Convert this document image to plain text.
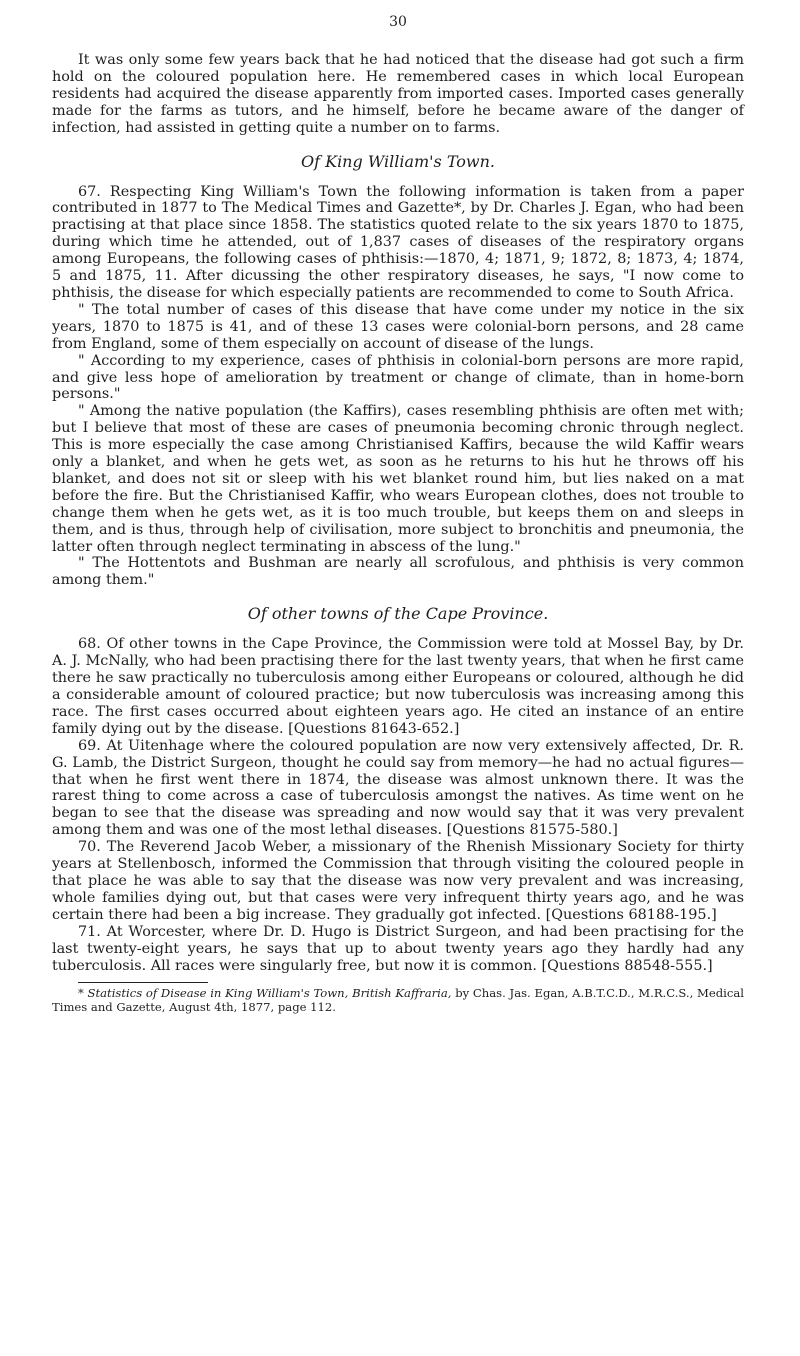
30

It was only some few years back that he had noticed that the disease had got such a firm hold on the coloured population here. He remembered cases in which local European residents had acquired the disease apparently from imported cases. Imported cases generally made for the farms as tutors, and he himself, before he became aware of the danger of infection, had assisted in getting quite a number on to farms.

Of King William's Town.

67. Respecting King William's Town the following information is taken from a paper contributed in 1877 to The Medical Times and Gazette*, by Dr. Charles J. Egan, who had been practising at that place since 1858. The statistics quoted relate to the six years 1870 to 1875, during which time he attended, out of 1,837 cases of diseases of the respiratory organs among Europeans, the following cases of phthisis:—1870, 4; 1871, 9; 1872, 8; 1873, 4; 1874, 5 and 1875, 11. After dicussing the other respiratory diseases, he says, "I now come to phthisis, the disease for which especially patients are recommended to come to South Africa.

" The total number of cases of this disease that have come under my notice in the six years, 1870 to 1875 is 41, and of these 13 cases were colonial-born persons, and 28 came from England, some of them especially on account of disease of the lungs.

" According to my experience, cases of phthisis in colonial-born persons are more rapid, and give less hope of amelioration by treatment or change of climate, than in home-born persons."

" Among the native population (the Kaffirs), cases resembling phthisis are often met with; but I believe that most of these are cases of pneumonia becoming chronic through neglect. This is more especially the case among Christianised Kaffirs, because the wild Kaffir wears only a blanket, and when he gets wet, as soon as he returns to his hut he throws off his blanket, and does not sit or sleep with his wet blanket round him, but lies naked on a mat before the fire. But the Christianised Kaffir, who wears European clothes, does not trouble to change them when he gets wet, as it is too much trouble, but keeps them on and sleeps in them, and is thus, through help of civilisation, more subject to bronchitis and pneumonia, the latter often through neglect terminating in abscess of the lung."

" The Hottentots and Bushman are nearly all scrofulous, and phthisis is very common among them."

Of other towns of the Cape Province.

68. Of other towns in the Cape Province, the Commission were told at Mossel Bay, by Dr. A. J. McNally, who had been practising there for the last twenty years, that when he first came there he saw practically no tuberculosis among either Europeans or coloured, although he did a considerable amount of coloured practice; but now tuberculosis was increasing among this race. The first cases occurred about eighteen years ago. He cited an instance of an entire family dying out by the disease. [Questions 81643-652.]

69. At Uitenhage where the coloured population are now very extensively affected, Dr. R. G. Lamb, the District Surgeon, thought he could say from memory—he had no actual figures—that when he first went there in 1874, the disease was almost unknown there. It was the rarest thing to come across a case of tuberculosis amongst the natives. As time went on he began to see that the disease was spreading and now would say that it was very prevalent among them and was one of the most lethal diseases. [Questions 81575-580.]

70. The Reverend Jacob Weber, a missionary of the Rhenish Missionary Society for thirty years at Stellenbosch, informed the Commission that through visiting the coloured people in that place he was able to say that the disease was now very prevalent and was increasing, whole families dying out, but that cases were very infrequent thirty years ago, and he was certain there had been a big increase. They gradually got infected. [Questions 68188-195.]

71. At Worcester, where Dr. D. Hugo is District Surgeon, and had been practising for the last twenty-eight years, he says that up to about twenty years ago they hardly had any tuberculosis. All races were singularly free, but now it is common. [Questions 88548-555.]

* Statistics of Disease in King William's Town, British Kaffraria, by Chas. Jas. Egan, A.B.T.C.D., M.R.C.S., Medical Times and Gazette, August 4th, 1877, page 112.
